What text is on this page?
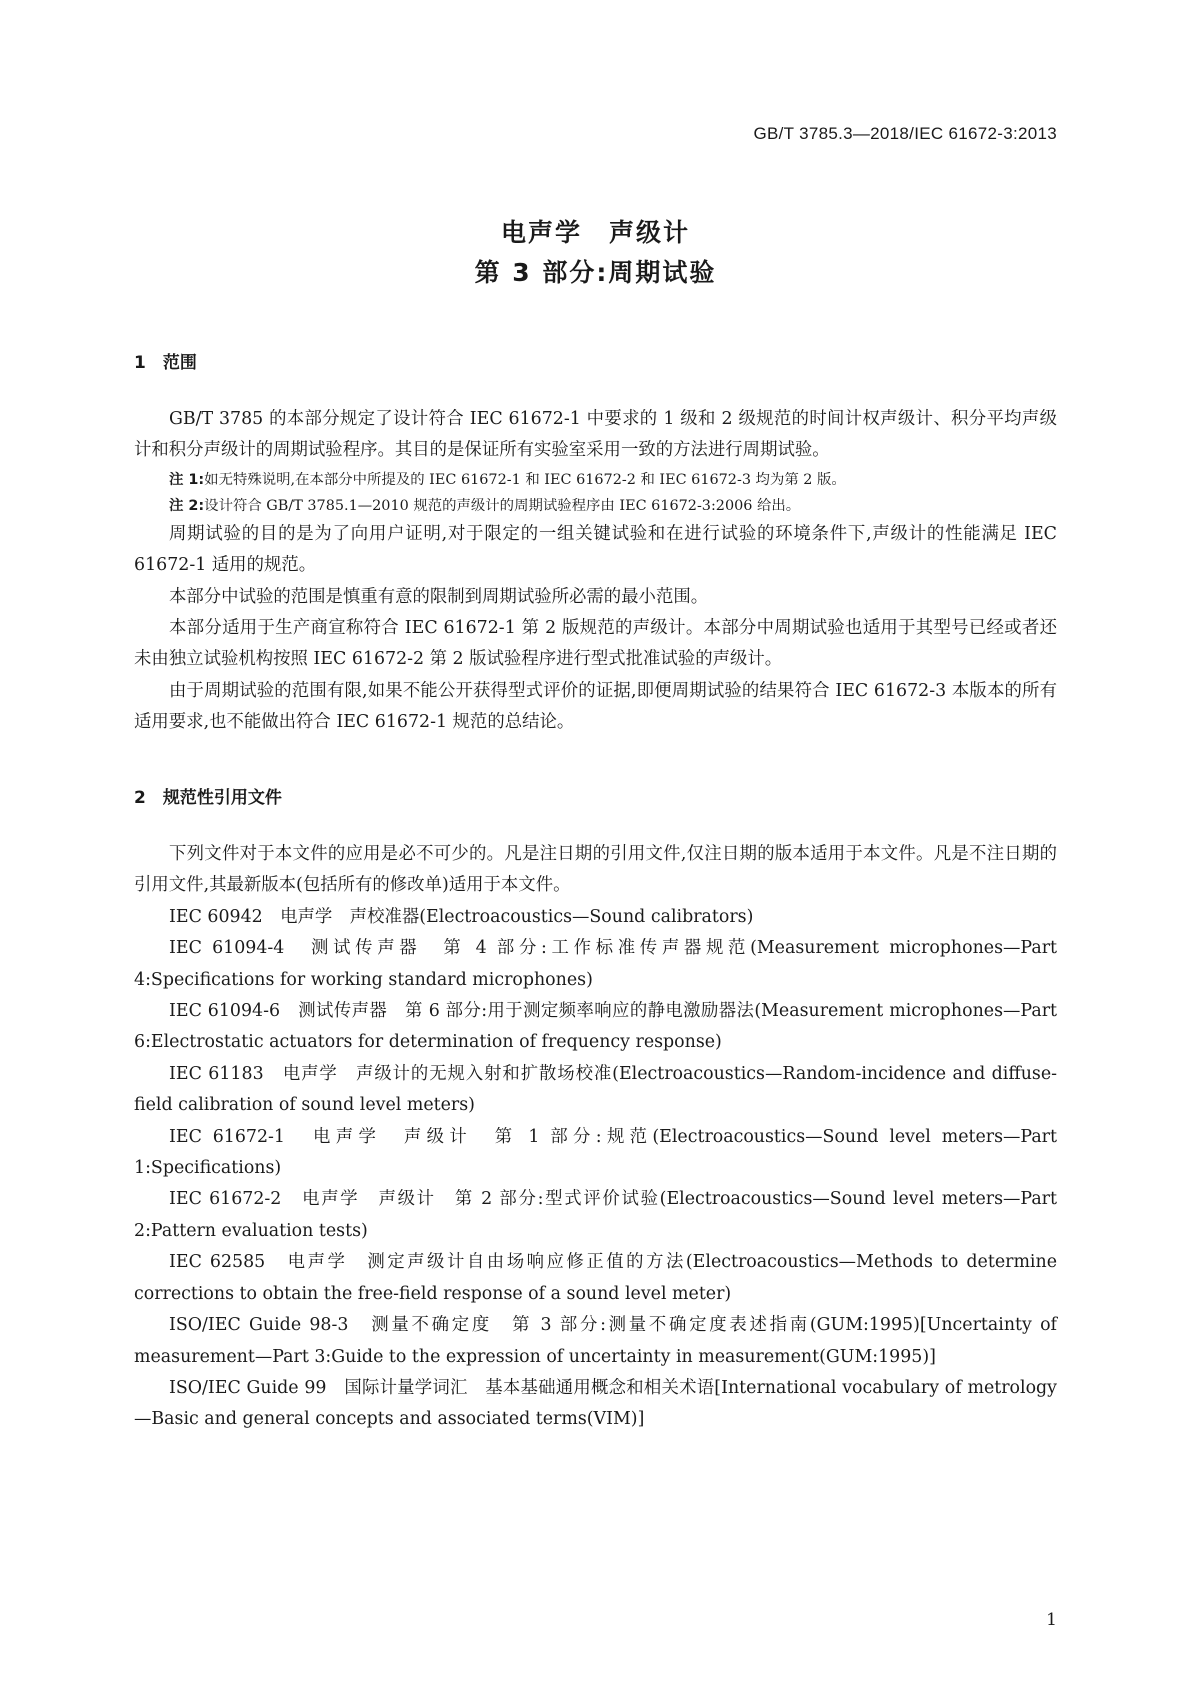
GB/T 3785.3—2018/IEC 61672-3:2013
电声学　声级计
第 3 部分:周期试验
1　范围

GB/T 3785 的本部分规定了设计符合 IEC 61672-1 中要求的 1 级和 2 级规范的时间计权声级计、积分平均声级计和积分声级计的周期试验程序。其目的是保证所有实验室采用一致的方法进行周期试验。

注 1:如无特殊说明,在本部分中所提及的 IEC 61672-1 和 IEC 61672-2 和 IEC 61672-3 均为第 2 版。

注 2:设计符合 GB/T 3785.1—2010 规范的声级计的周期试验程序由 IEC 61672-3:2006 给出。

周期试验的目的是为了向用户证明,对于限定的一组关键试验和在进行试验的环境条件下,声级计的性能满足 IEC 61672-1 适用的规范。

本部分中试验的范围是慎重有意的限制到周期试验所必需的最小范围。

本部分适用于生产商宣称符合 IEC 61672-1 第 2 版规范的声级计。本部分中周期试验也适用于其型号已经或者还未由独立试验机构按照 IEC 61672-2 第 2 版试验程序进行型式批准试验的声级计。

由于周期试验的范围有限,如果不能公开获得型式评价的证据,即便周期试验的结果符合 IEC 61672-3 本版本的所有适用要求,也不能做出符合 IEC 61672-1 规范的总结论。

2　规范性引用文件

下列文件对于本文件的应用是必不可少的。凡是注日期的引用文件,仅注日期的版本适用于本文件。凡是不注日期的引用文件,其最新版本(包括所有的修改单)适用于本文件。

IEC 60942　电声学　声校准器(Electroacoustics—Sound calibrators)

IEC 61094-4　测试传声器　第 4 部分:工作标准传声器规范(Measurement microphones—Part 4:Specifications for working standard microphones)

IEC 61094-6　测试传声器　第 6 部分:用于测定频率响应的静电激励器法(Measurement microphones—Part 6:Electrostatic actuators for determination of frequency response)

IEC 61183　电声学　声级计的无规入射和扩散场校准(Electroacoustics—Random-incidence and diffuse-field calibration of sound level meters)

IEC 61672-1　电声学　声级计　第 1 部分:规范(Electroacoustics—Sound level meters—Part 1:Specifications)

IEC 61672-2　电声学　声级计　第 2 部分:型式评价试验(Electroacoustics—Sound level meters—Part 2:Pattern evaluation tests)

IEC 62585　电声学　测定声级计自由场响应修正值的方法(Electroacoustics—Methods to determine corrections to obtain the free-field response of a sound level meter)

ISO/IEC Guide 98-3　测量不确定度　第 3 部分:测量不确定度表述指南(GUM:1995)[Uncertainty of measurement—Part 3:Guide to the expression of uncertainty in measurement(GUM:1995)]

ISO/IEC Guide 99　国际计量学词汇　基本基础通用概念和相关术语[International vocabulary of metrology—Basic and general concepts and associated terms(VIM)]

1
